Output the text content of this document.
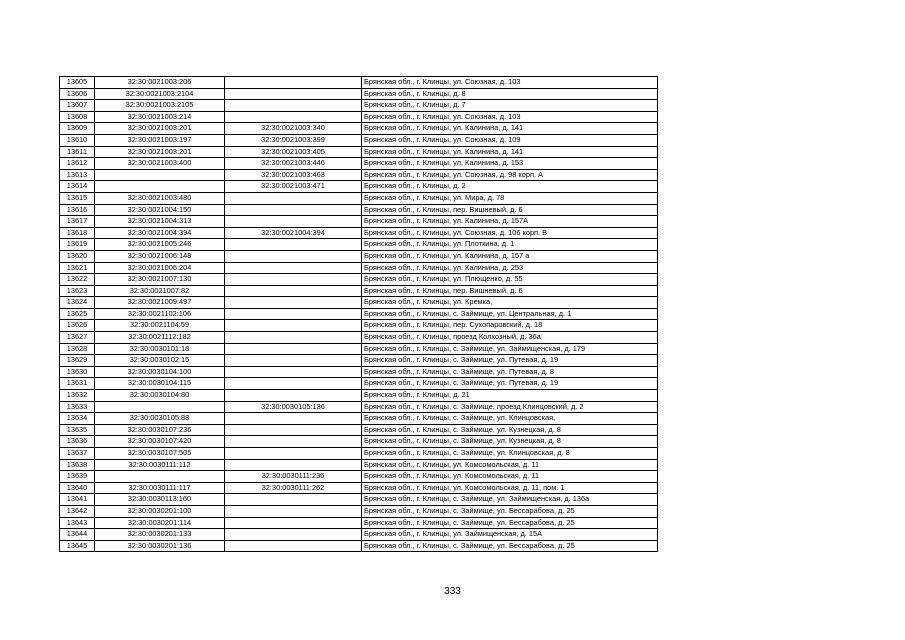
13605	32:30:0021003:206		Брянская обл., г. Клинцы, ул. Союзная, д. 103
13606	32:30:0021003:2104		Брянская обл., г. Клинцы, д. 8
13607	32:30:0021003:2105		Брянская обл., г. Клинцы, д. 7
13608	32:30:0021003:214		Брянская обл., г. Клинцы, ул. Союзная, д. 103
13609	32:30:0021003:201	32:30:0021003:340	Брянская обл., г. Клинцы, ул. Калинина, д. 141
13610	32:30:0021003:197	32:30:0021003:399	Брянская обл., г. Клинцы, ул. Союзная, д. 109
13611	32:30:0021003:201	32:30:0021003:405	Брянская обл., г. Клинцы, ул. Калинина, д. 141
13612	32:30:0021003:400	32:30:0021003:446	Брянская обл., г. Клинцы, ул. Калинина, д. 153
13613		32:30:0021003:463	Брянская обл., г. Клинцы, ул. Союзная, д. 98 корп. А
13614		32:30:0021003:471	Брянская обл., г. Клинцы, д. 2
13615	32:30:0021003:480		Брянская обл., г. Клинцы, ул. Мира, д. 78
13616	32:30:0021004:150		Брянская обл., г. Клинцы, пер. Вишневый, д. 6
13617	32:30:0021004:313		Брянская обл., г. Клинцы, ул. Калинина, д. 157А
13618	32:30:0021004:394	32:30:0021004:394	Брянская обл., г. Клинцы, ул. Союзная, д. 106 корп. В
13619	32:30:0021005:246		Брянская обл., г. Клинцы, ул. Плоткина, д. 1
13620	32:30:0021006:148		Брянская обл., г. Клинцы, ул. Калинина, д. 157 а
13621	32:30:0021006:204		Брянская обл., г. Клинцы, ул. Калинина, д. 253
13622	32:30:0021007:130		Брянская обл., г. Клинцы, ул. Плющенко, д. 55
13623	32:30:0021007:82		Брянская обл., г. Клинцы, пер. Вишневый, д. 6
13624	32:30:0021009:497		Брянская обл., г. Клинцы, ул. Кремка,
13625	32:30:0021102:106		Брянская обл., г. Клинцы, с. Займище, ул. Центральная, д. 1
13626	32:30:0021104:59		Брянская обл., г. Клинцы, пер. Сухопаровский, д. 18
13627	32:30:0021112:182		Брянская обл., г. Клинцы, проезд Колхозный, д. 36а
13628	32:30:0030101:18		Брянская обл., г. Клинцы, с. Займище, ул. Займищенская, д. 179
13629	32:30:0030102:15		Брянская обл., г. Клинцы, с. Займище, ул. Путевая, д. 19
13630	32:30:0030104:100		Брянская обл., г. Клинцы, с. Займище, ул. Путевая, д. 8
13631	32:30:0030104:115		Брянская обл., г. Клинцы, с. Займище, ул. Путевая, д. 19
13632	32:30:0030104:80		Брянская обл., г. Клинцы, д. 21
13633		32:30:0030105:136	Брянская обл., г. Клинцы, с. Займище, проезд Клинцовский, д. 2
13634	32:30:0030105:88		Брянская обл., г. Клинцы, с. Займище, ул. Клинцовская,
13635	32:30:0030107:236		Брянская обл., г. Клинцы, с. Займище, ул. Кузнецкая, д. 8
13636	32:30:0030107:420		Брянская обл., г. Клинцы, с. Займище, ул. Кузнецкая, д. 8
13637	32:30:0030107:505		Брянская обл., г. Клинцы, с. Займище, ул. Клинцовская, д. 8
13638	32:30:0030111:112		Брянская обл., г. Клинцы, ул. Комсомольская, д. 11
13639		32:30:0030111:236	Брянская обл., г. Клинцы, ул. Комсомольская, д. 11
13640	32:30:0030111:117	32:30:0030111:262	Брянская обл., г. Клинцы, ул. Комсомольская, д. 11, пом. 1
13641	32:30:0030113:160		Брянская обл., г. Клинцы, с. Займище, ул. Займищенская, д. 136а
13642	32:30:0030201:100		Брянская обл., г. Клинцы, с. Займище, ул. Бессарабова, д. 25
13643	32:30:0030201:114		Брянская обл., г. Клинцы, с. Займище, ул. Бессарабова, д. 25
13644	32:30:0030201:133		Брянская обл., г. Клинцы, ул. Займищенская, д. 15А
13645	32:30:0030201:136		Брянская обл., г. Клинцы, с. Займище, ул. Бессарабова, д. 25
333
